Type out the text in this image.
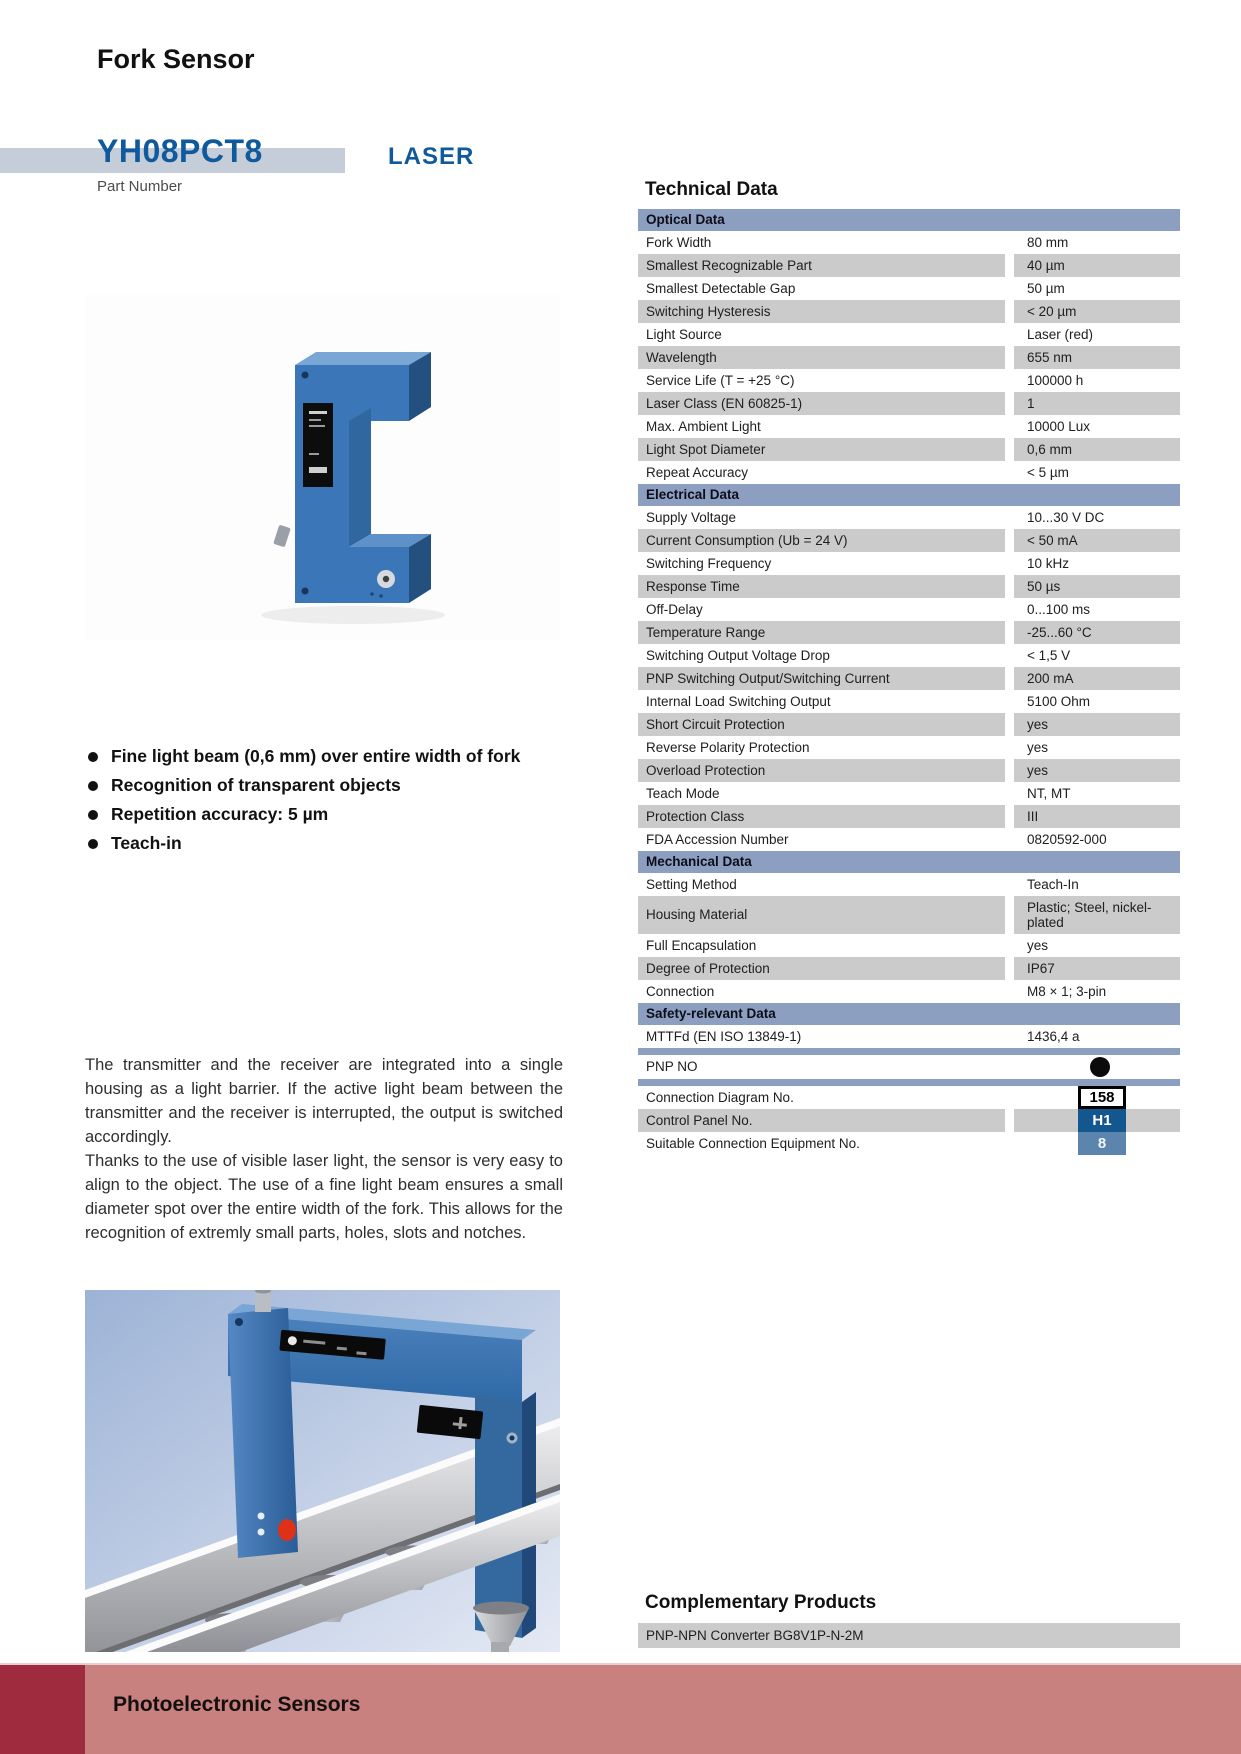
Fork Sensor
YH08PCT8	LASER
Part Number
Fine light beam (0,6 mm) over entire width of fork
Recognition of transparent objects
Repetition accuracy: 5 µm
Teach-in

The transmitter and the receiver are integrated into a single housing as a light barrier. If the active light beam between the transmitter and the receiver is interrupted, the output is switched accordingly.

Thanks to the use of visible laser light, the sensor is very easy to align to the object. The use of a fine light beam ensures a small diameter spot over the entire width of the fork. This allows for the recognition of extremly small parts, holes, slots and notches.

Technical Data
Optical Data
Fork Width	80 mm
Smallest Recognizable Part	40 µm
Smallest Detectable Gap	50 µm
Switching Hysteresis	< 20 µm
Light Source	Laser (red)
Wavelength	655 nm
Service Life (T = +25 °C)	100000 h
Laser Class (EN 60825-1)	1
Max. Ambient Light	10000 Lux
Light Spot Diameter	0,6 mm
Repeat Accuracy	< 5 µm
Electrical Data
Supply Voltage	10...30 V DC
Current Consumption (Ub = 24 V)	< 50 mA
Switching Frequency	10 kHz
Response Time	50 µs
Off-Delay	0...100 ms
Temperature Range	-25...60 °C
Switching Output Voltage Drop	< 1,5 V
PNP Switching Output/Switching Current	200 mA
Internal Load Switching Output	5100 Ohm
Short Circuit Protection	yes
Reverse Polarity Protection	yes
Overload Protection	yes
Teach Mode	NT, MT
Protection Class	III
FDA Accession Number	0820592-000
Mechanical Data
Setting Method	Teach-In
Housing Material	Plastic; Steel, nickel-plated
Full Encapsulation	yes
Degree of Protection	IP67
Connection	M8 × 1; 3-pin
Safety-relevant Data
MTTFd (EN ISO 13849-1)	1436,4 a
PNP NO
Connection Diagram No.	158
Control Panel No.	H1
Suitable Connection Equipment No.	8
Complementary Products
PNP-NPN Converter BG8V1P-N-2M
Photoelectronic Sensors
